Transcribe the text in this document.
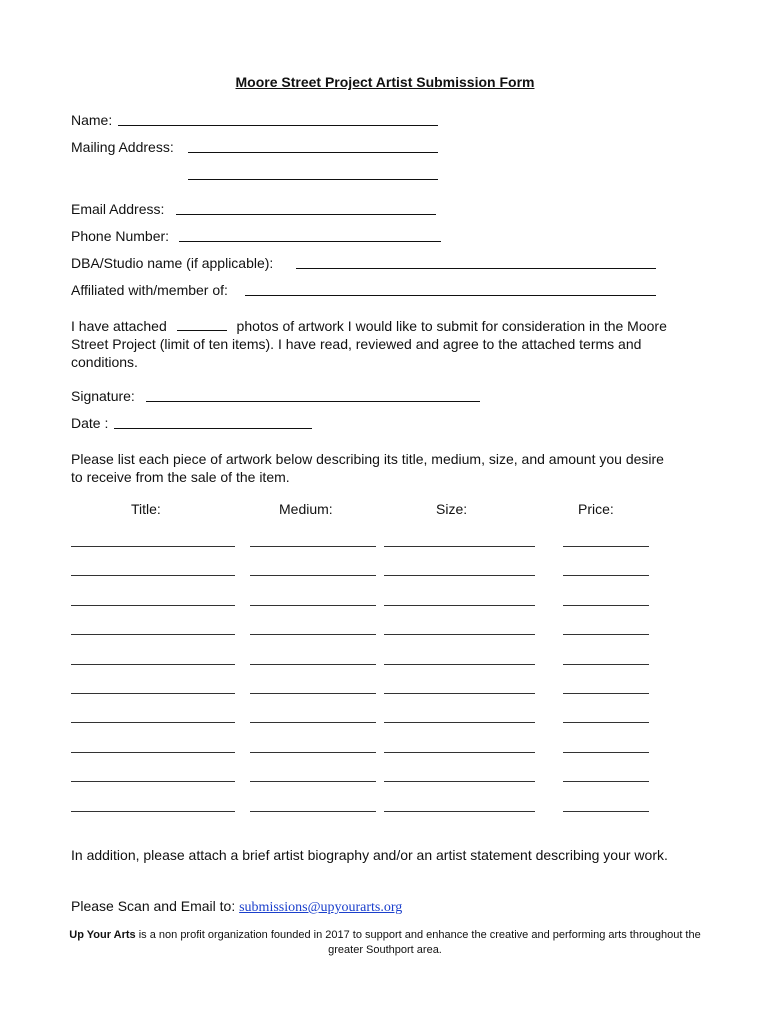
Moore Street Project Artist Submission Form
Name:
Mailing Address:
Email Address:
Phone Number:
DBA/Studio name (if applicable):
Affiliated with/member of:
I have attached	photos of artwork I would like to submit for consideration in the Moore Street Project (limit of ten items). I have read, reviewed and agree to the attached terms and conditions.
Signature:
Date :
Please list each piece of artwork below describing its title, medium, size, and amount you desire to receive from the sale of the item.
Title:	Medium:	Size:	Price:
In addition, please attach a brief artist biography and/or an artist statement describing your work.
Please Scan and Email to: submissions@upyourarts.org
Up Your Arts is a non profit organization founded in 2017 to support and enhance the creative and performing arts throughout the greater Southport area.
